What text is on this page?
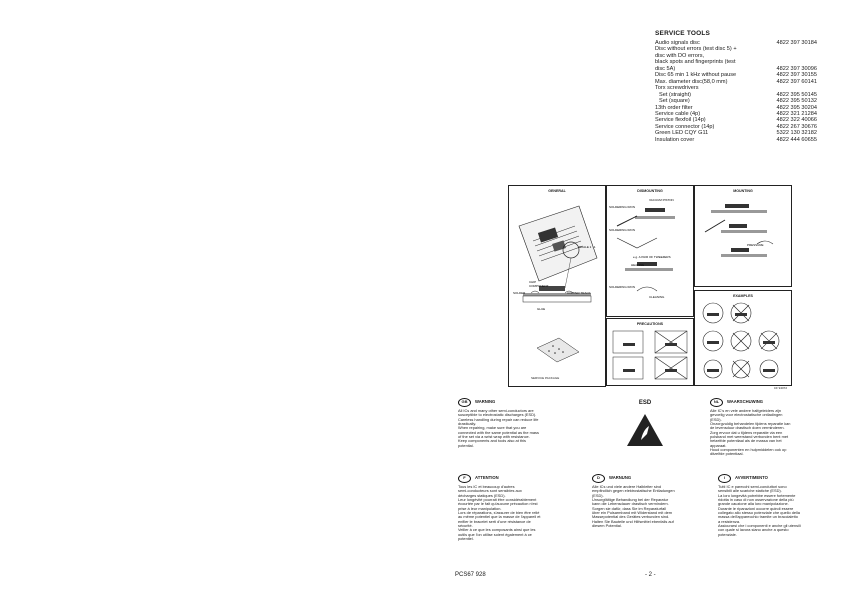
SERVICE TOOLS
Audio signals disc	4822 397 30184
Disc without errors (test disc 5) +
disc with DO errors,
black spots and fingerprints (test
disc 5A)	4822 397 30096
Disc 65 min 1 kHz without pause	4822 397 30155
Max. diameter disc(58,0 mm)	4822 397 60141
Torx screwdrivers
Set (straight)	4822 395 50145
Set (square)	4822 395 50132
13th order filter	4822 395 30204
Service cable (4p)	4822 321 21284
Service flexfoil (14p)	4822 322 40066
Service connector (14p)	4822 267 30676
Green LED CQY G11	5322 130 32182
Insulation cover	4822 444 60655
GENERAL
SCALE 1 : 1
CHIP
COMPONENT
SOLDER	COPPER TRACK
GLUE
SERVICE PACKAGE
DISMOUNTING
VACUUM PISTON
SOLDERING IRON
SOLDERING IRON
e.g. A PAIR OF TWEEZERS
HEATING
SOLDERING IRON
CLEANING
PRECAUTIONS
MOUNTING
PRESSURE
EXAMPLES
CF 94072
GB	WARNING
All ICs and many other semi-conductors are
susceptible to electrostatic discharges (ESD).
Careless handling during repair can reduce life
drastically.
When repairing, make sure that you are
connected with the same potential as the mass
of the set via a wrist wrap with resistance.
Keep components and tools also at this
potential.
ESD	NL	WAARSCHUWING
Alle IC's en vele andere halfgeleiders zijn
gevoelig voor electrostatische ontladingen
(ESD).
Onzorgvuldig behandelen tijdens reparatie kan
de levensduur drastisch doen verminderen.
Zorg ervoor dat u tijdens reparatie via een
polsband met weerstand verbonden bent met
hetzelfde potentiaal als de massa van het
apparaat.
Houd componenten en hulpmiddelen ook op
ditzelfde potentiaal.
F	ATTENTION
Tous les IC et beaucoup d'autres
semi-conducteurs sont sensibles aux
décharges statiques (ESD).
Leur longévité pourrait être considérablement
écourtée par le fait qu'aucune précaution n'est
prise à leur manipulation.
Lors de réparations, s'assurer de bien être relié
au même potentiel que la masse de l'appareil et
enfiler le bracelet serti d'une résistance de
sécurité.
Veiller à ce que les composants ainsi que les
outils que l'on utilise soient également à ce
potentiel.
D	WARNUNG
Alle ICs und viele andere Halbleiter sind
empfindlich gegen elektrostatische Entladungen
(ESD).
Unsorgfältige Behandlung bei der Reparatur
kann die Lebensdauer drastisch vermindern.
Sorgen sie dafür, dass Sie im Reparaturfall
über ein Pulsarmband mit Widerstand mit dem
Massepotential des Gerätes verbunden sind.
Halten Sie Bauteile und Hilfsmittel ebenfalls auf
diesem Potential.
I	AVVERTIMENTO
Tutti IC e parecchi semi-conduttori sono
sensibili alle scariche statiche (ESD).
La loro longevità potrebbe essere fortemente
ridotta in caso di non osservazione della più
grande cauzione alla loro manipolazione.
Durante le riparazioni occorre quindi essere
collegato allo stesso potenziale che quello della
massa dell'apparecchio tramite un braccialetto
a resistenza.
Assicurarsi che i componenti e anche gli utensili
con quale si lavora siano anche a questo
potenziale.
PCS67 928	- 2 -
